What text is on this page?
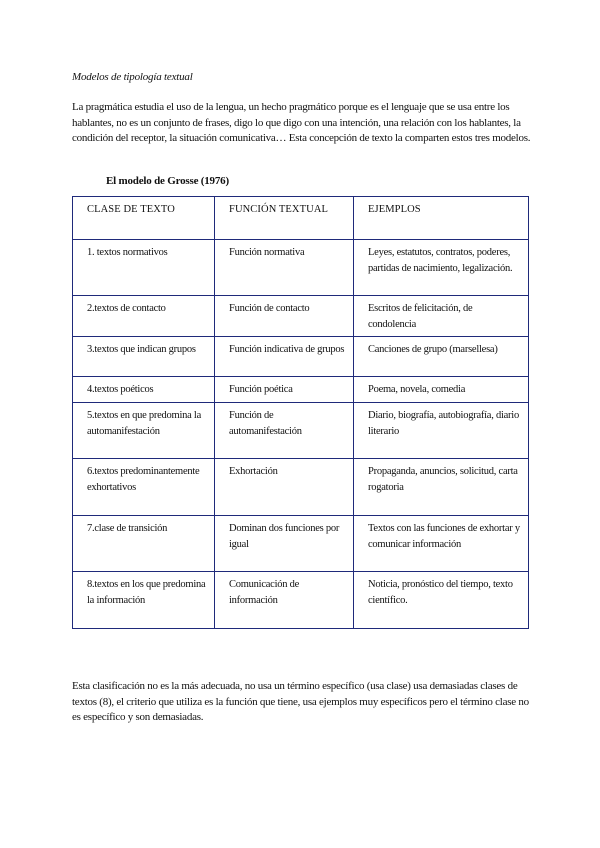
Modelos de tipología textual

La pragmática estudia el uso de la lengua, un hecho pragmático porque es el lenguaje que se usa entre los hablantes, no es un conjunto de frases, digo lo que digo con una intención, una relación con los hablantes, la condición del receptor, la situación comunicativa… Esta concepción de texto la comparten estos tres modelos.

El modelo de Grosse (1976)
CLASE DE TEXTO	FUNCIÓN TEXTUAL	EJEMPLOS
1. textos normativos	Función normativa	Leyes, estatutos, contratos, poderes, partidas de nacimiento, legalización.
2.textos de contacto	Función de contacto	Escritos de felicitación, de condolencia
3.textos que indican grupos	Función indicativa de grupos	Canciones de grupo (marsellesa)
4.textos poéticos	Función poética	Poema, novela, comedia
5.textos en que predomina la automanifestación	Función de automanifestación	Diario, biografía, autobiografía, diario literario
6.textos predominantemente exhortativos	Exhortación	Propaganda, anuncios, solicitud, carta rogatoria
7.clase de transición	Dominan dos funciones por igual	Textos con las funciones de exhortar y comunicar información
8.textos en los que predomina la información	Comunicación de información	Noticia, pronóstico del tiempo, texto científico.

Esta clasificación no es la más adecuada, no usa un término específico (usa clase) usa demasiadas clases de textos (8), el criterio que utiliza es la función que tiene, usa ejemplos muy específicos pero el término clase no es específico y son demasiadas.
